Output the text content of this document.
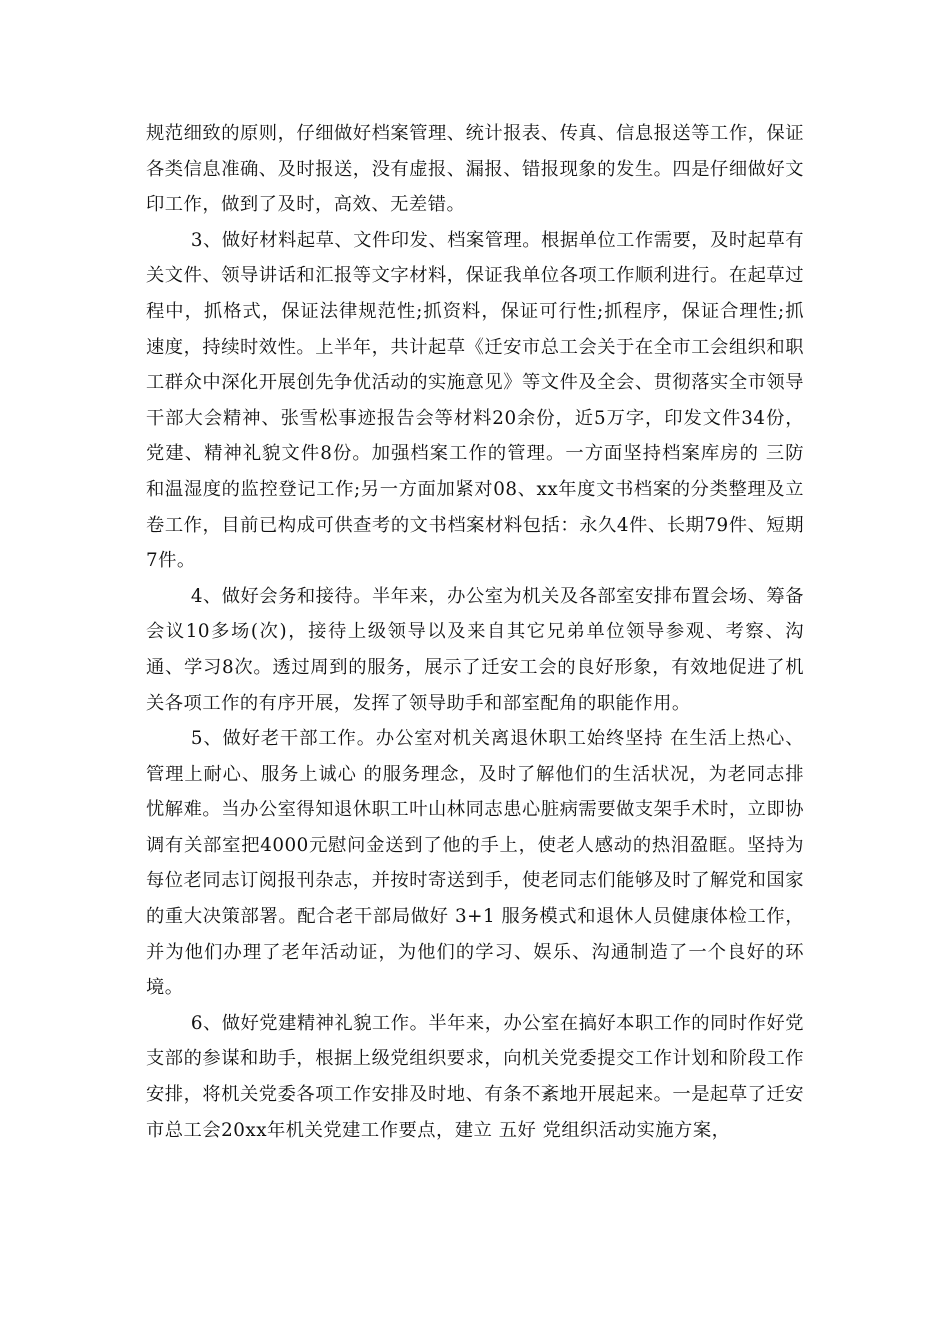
规范细致的原则，仔细做好档案管理、统计报表、传真、信息报送等工作，保证各类信息准确、及时报送，没有虚报、漏报、错报现象的发生。四是仔细做好文印工作，做到了及时，高效、无差错。

3、做好材料起草、文件印发、档案管理。根据单位工作需要，及时起草有关文件、领导讲话和汇报等文字材料，保证我单位各项工作顺利进行。在起草过程中，抓格式，保证法律规范性;抓资料，保证可行性;抓程序，保证合理性;抓速度，持续时效性。上半年，共计起草《迁安市总工会关于在全市工会组织和职工群众中深化开展创先争优活动的实施意见》等文件及全会、贯彻落实全市领导干部大会精神、张雪松事迹报告会等材料20余份，近5万字，印发文件34份，党建、精神礼貌文件8份。加强档案工作的管理。一方面坚持档案库房的 三防 和温湿度的监控登记工作;另一方面加紧对08、xx年度文书档案的分类整理及立卷工作，目前已构成可供查考的文书档案材料包括：永久4件、长期79件、短期7件。

4、做好会务和接待。半年来，办公室为机关及各部室安排布置会场、筹备会议10多场(次)，接待上级领导以及来自其它兄弟单位领导参观、考察、沟通、学习8次。透过周到的服务，展示了迁安工会的良好形象，有效地促进了机关各项工作的有序开展，发挥了领导助手和部室配角的职能作用。

5、做好老干部工作。办公室对机关离退休职工始终坚持 在生活上热心、管理上耐心、服务上诚心 的服务理念，及时了解他们的生活状况，为老同志排忧解难。当办公室得知退休职工叶山林同志患心脏病需要做支架手术时，立即协调有关部室把4000元慰问金送到了他的手上，使老人感动的热泪盈眶。坚持为每位老同志订阅报刊杂志，并按时寄送到手，使老同志们能够及时了解党和国家的重大决策部署。配合老干部局做好 3+1 服务模式和退休人员健康体检工作，并为他们办理了老年活动证，为他们的学习、娱乐、沟通制造了一个良好的环境。

6、做好党建精神礼貌工作。半年来，办公室在搞好本职工作的同时作好党支部的参谋和助手，根据上级党组织要求，向机关党委提交工作计划和阶段工作安排，将机关党委各项工作安排及时地、有条不紊地开展起来。一是起草了迁安市总工会20xx年机关党建工作要点，建立 五好 党组织活动实施方案，
